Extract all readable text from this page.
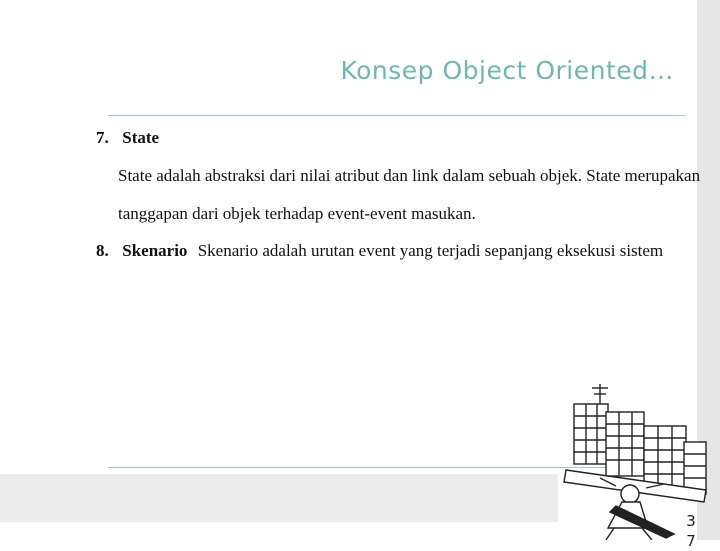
Konsep Object Oriented…
7. State
State adalah abstraksi dari nilai atribut dan link dalam sebuah objek. State merupakan
tanggapan dari objek terhadap event-event masukan.
8. Skenario Skenario adalah urutan event yang terjadi sepanjang eksekusi sistem
3
7
